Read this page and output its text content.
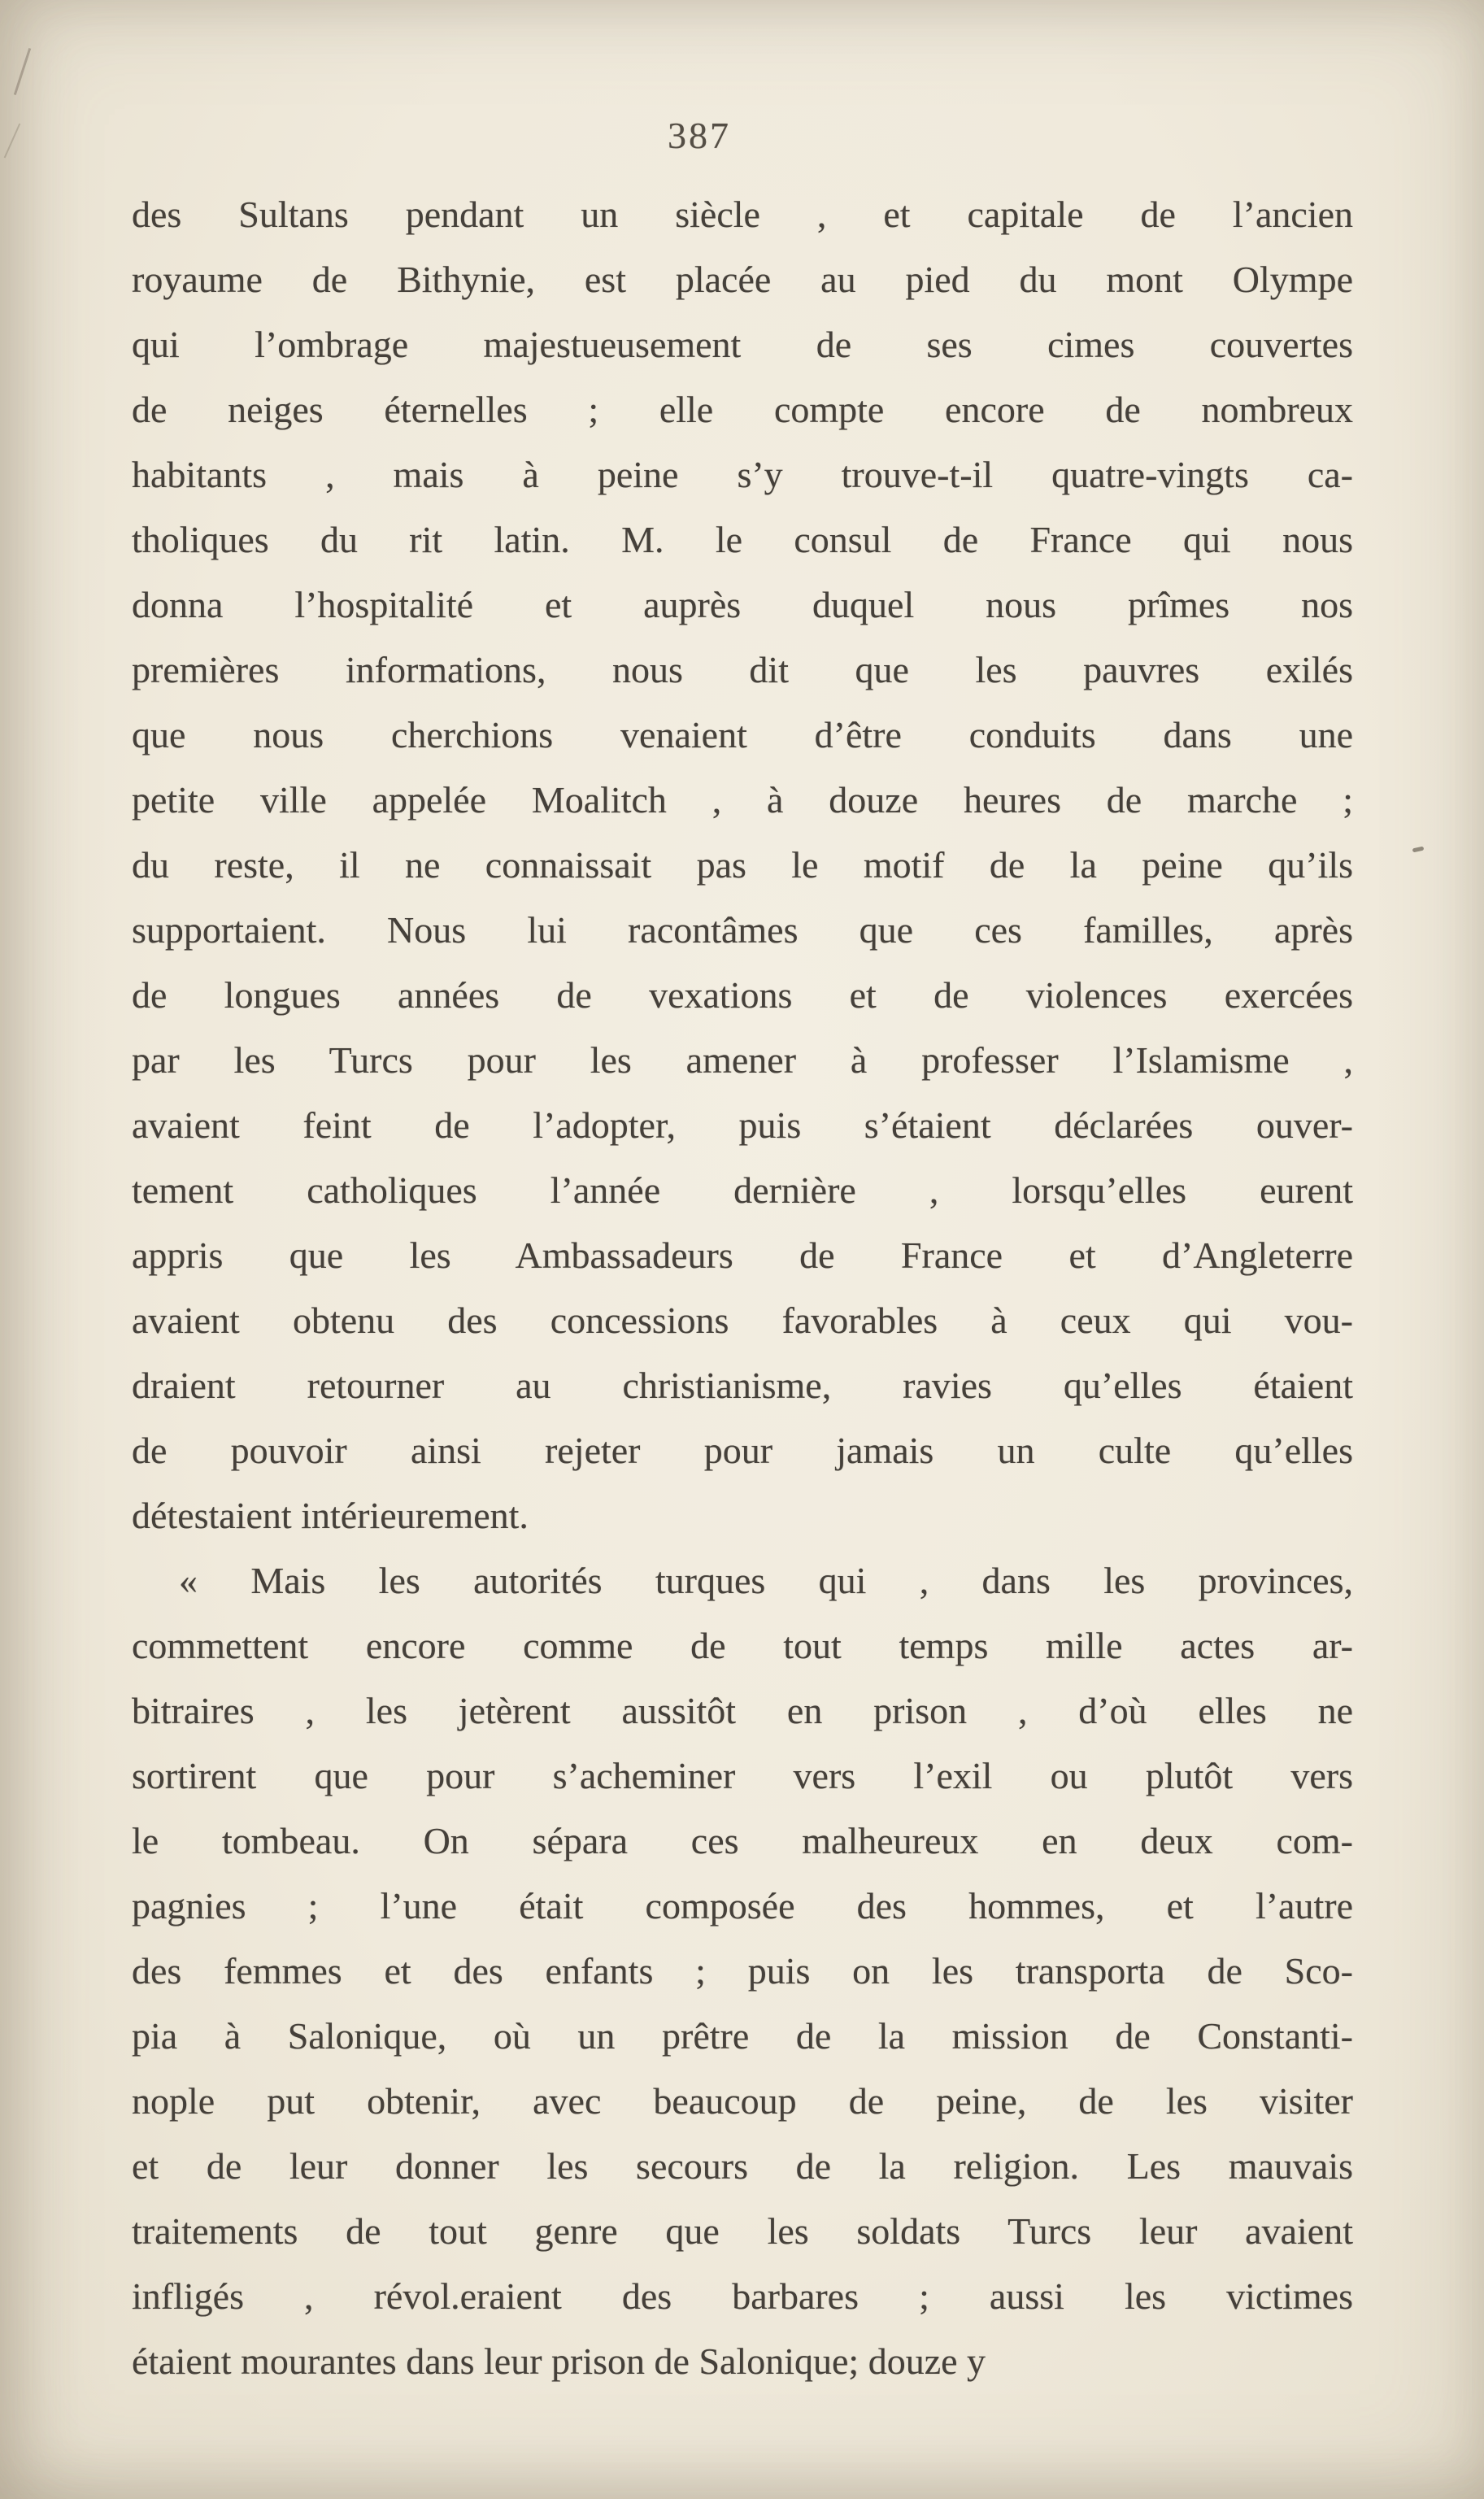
387
des Sultans pendant un siècle , et capitale de l’ancien
royaume de Bithynie, est placée au pied du mont Olympe
qui l’ombrage majestueusement de ses cimes couvertes
de neiges éternelles ; elle compte encore de nombreux
habitants , mais à peine s’y trouve-t-il quatre-vingts ca-
tholiques du rit latin. M. le consul de France qui nous
donna l’hospitalité et auprès duquel nous prîmes nos
premières informations, nous dit que les pauvres exilés
que nous cherchions venaient d’être conduits dans une
petite ville appelée Moalitch , à douze heures de marche ;
du reste, il ne connaissait pas le motif de la peine qu’ils
supportaient. Nous lui racontâmes que ces familles, après
de longues années de vexations et de violences exercées
par les Turcs pour les amener à professer l’Islamisme ,
avaient feint de l’adopter, puis s’étaient déclarées ouver-
tement catholiques l’année dernière , lorsqu’elles eurent
appris que les Ambassadeurs de France et d’Angleterre
avaient obtenu des concessions favorables à ceux qui vou-
draient retourner au christianisme, ravies qu’elles étaient
de pouvoir ainsi rejeter pour jamais un culte qu’elles
détestaient intérieurement.
« Mais les autorités turques qui , dans les provinces,
commettent encore comme de tout temps mille actes ar-
bitraires , les jetèrent aussitôt en prison , d’où elles ne
sortirent que pour s’acheminer vers l’exil ou plutôt vers
le tombeau. On sépara ces malheureux en deux com-
pagnies ; l’une était composée des hommes, et l’autre
des femmes et des enfants ; puis on les transporta de Sco-
pia à Salonique, où un prêtre de la mission de Constanti-
nople put obtenir, avec beaucoup de peine, de les visiter
et de leur donner les secours de la religion. Les mauvais
traitements de tout genre que les soldats Turcs leur avaient
infligés , révol.eraient des barbares ; aussi les victimes
étaient mourantes dans leur prison de Salonique; douze y
